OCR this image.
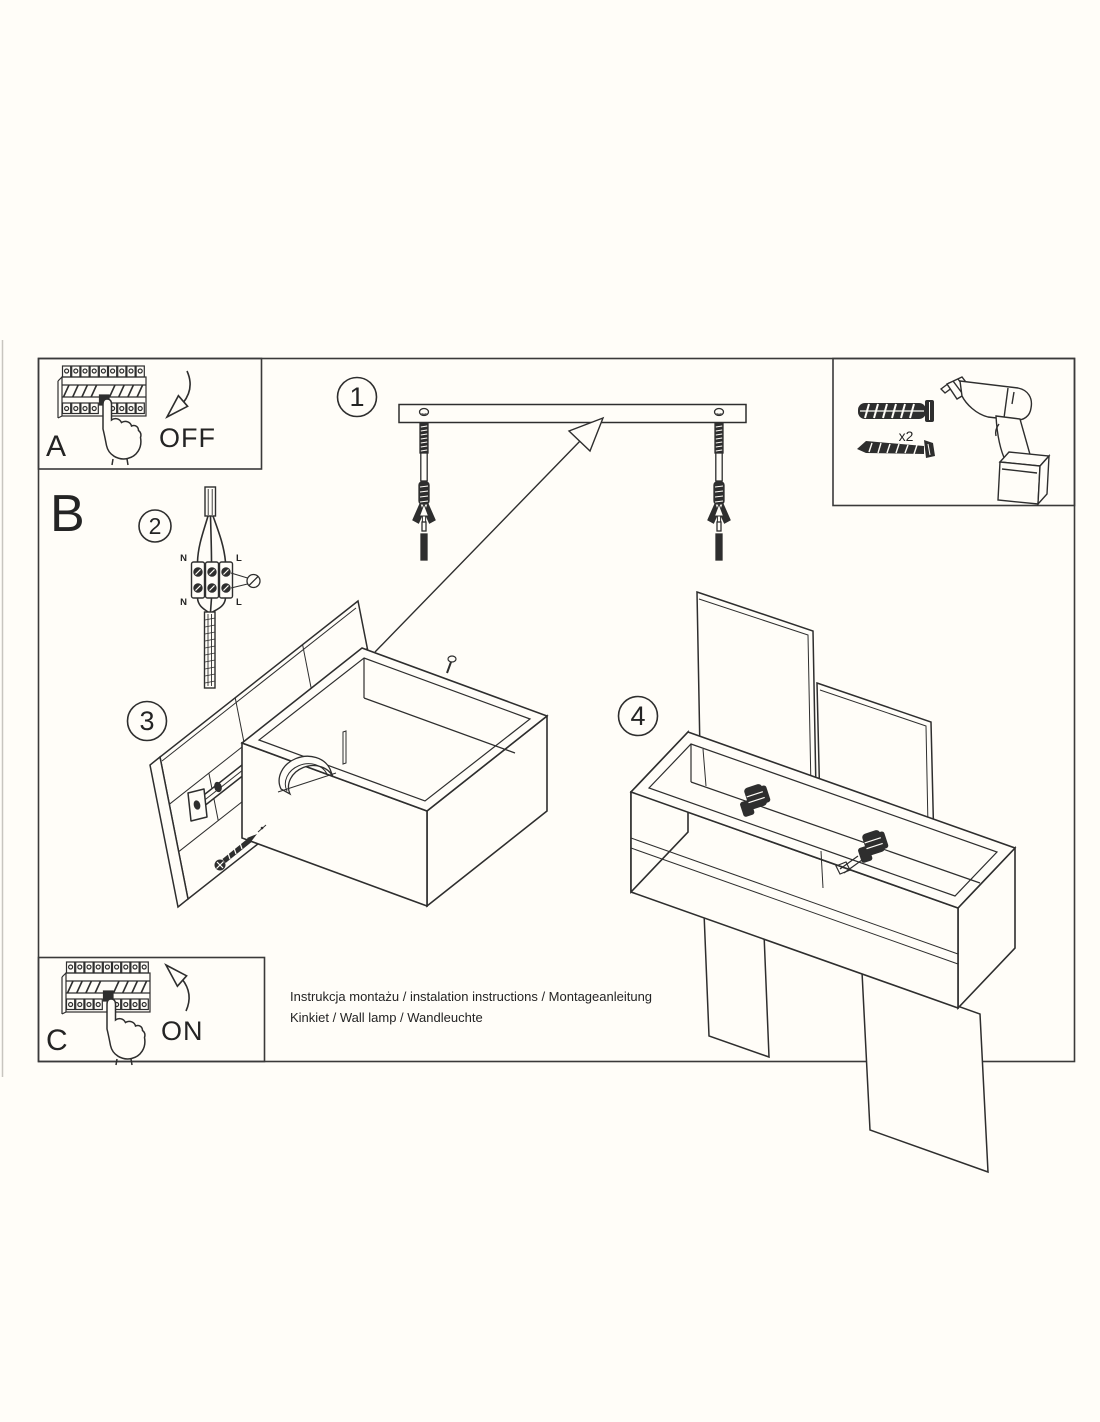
A	OFF
C	ON
x2
1
B	2
N	L
N	L
3	4
Instrukcja montażu / instalation instructions / Montageanleitung
Kinkiet / Wall lamp / Wandleuchte
